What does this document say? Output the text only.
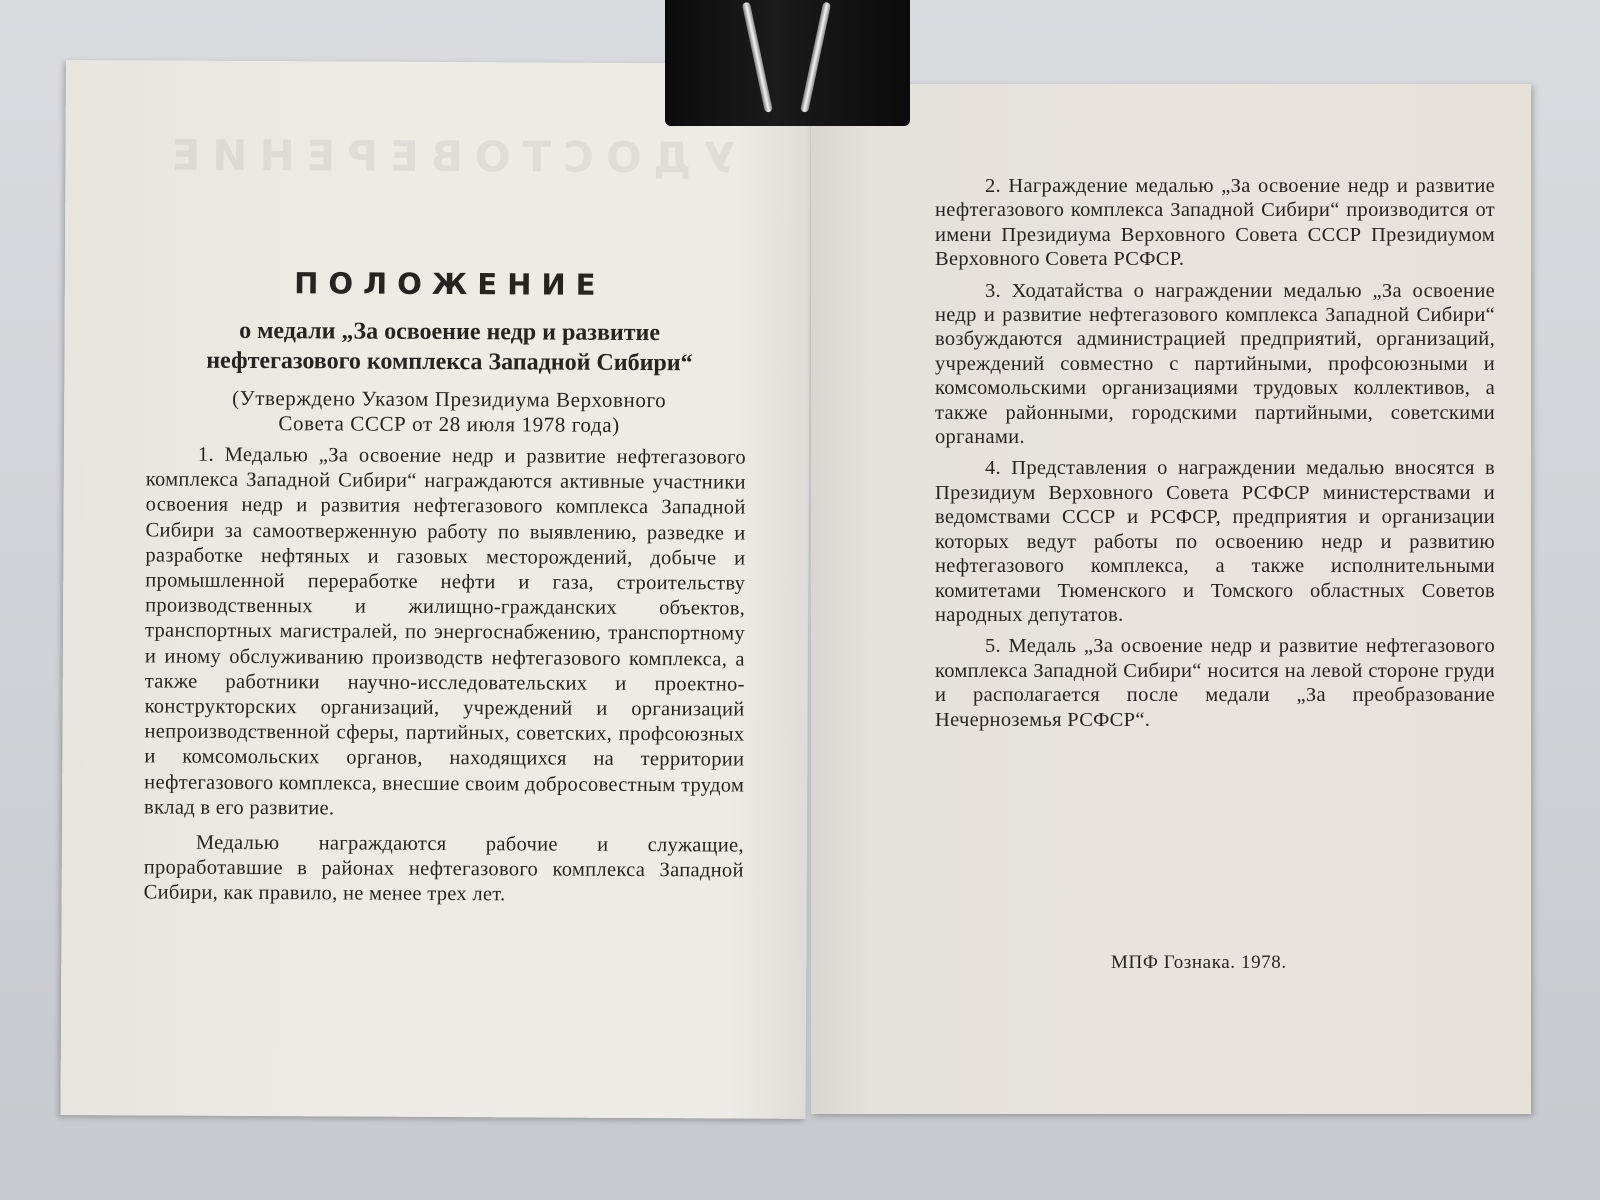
УДОСТОВЕРЕНИЕ
ПОЛОЖЕНИЕ
о медали „За освоение недр и развитие
нефтегазового комплекса Западной Сибири“
(Утверждено Указом Президиума Верховного
Совета СССР от 28 июля 1978 года)

1. Медалью „За освоение недр и развитие нефтегазового комплекса Западной Сибири“ награждаются активные участники освоения недр и развития нефтегазового комплекса Западной Сибири за самоотверженную работу по выявлению, разведке и разработке нефтяных и газовых месторождений, добыче и промышленной переработке нефти и газа, строительству производственных и жилищно-гражданских объектов, транспортных магистралей, по энергоснабжению, транспортному и иному обслуживанию производств нефтегазового комплекса, а также работники научно-исследовательских и проектно-конструкторских организаций, учреждений и организаций непроизводственной сферы, партийных, советских, профсоюзных и комсомольских органов, находящихся на территории нефтегазового комплекса, внесшие своим добросовестным трудом вклад в его развитие.

Медалью награждаются рабочие и служащие, проработавшие в районах нефтегазового комплекса Западной Сибири, как правило, не менее трех лет.

2. Награждение медалью „За освоение недр и развитие нефтегазового комплекса Западной Сибири“ производится от имени Президиума Верховного Совета СССР Президиумом Верховного Совета РСФСР.

3. Ходатайства о награждении медалью „За освоение недр и развитие нефтегазового комплекса Западной Сибири“ возбуждаются администрацией предприятий, организаций, учреждений совместно с партийными, профсоюзными и комсомольскими организациями трудовых коллективов, а также районными, городскими партийными, советскими органами.

4. Представления о награждении медалью вносятся в Президиум Верховного Совета РСФСР министерствами и ведомствами СССР и РСФСР, предприятия и организации которых ведут работы по освоению недр и развитию нефтегазового комплекса, а также исполнительными комитетами Тюменского и Томского областных Советов народных депутатов.

5. Медаль „За освоение недр и развитие нефтегазового комплекса Западной Сибири“ носится на левой стороне груди и располагается после медали „За преобразование Нечерноземья РСФСР“.

МПФ Гознака. 1978.
